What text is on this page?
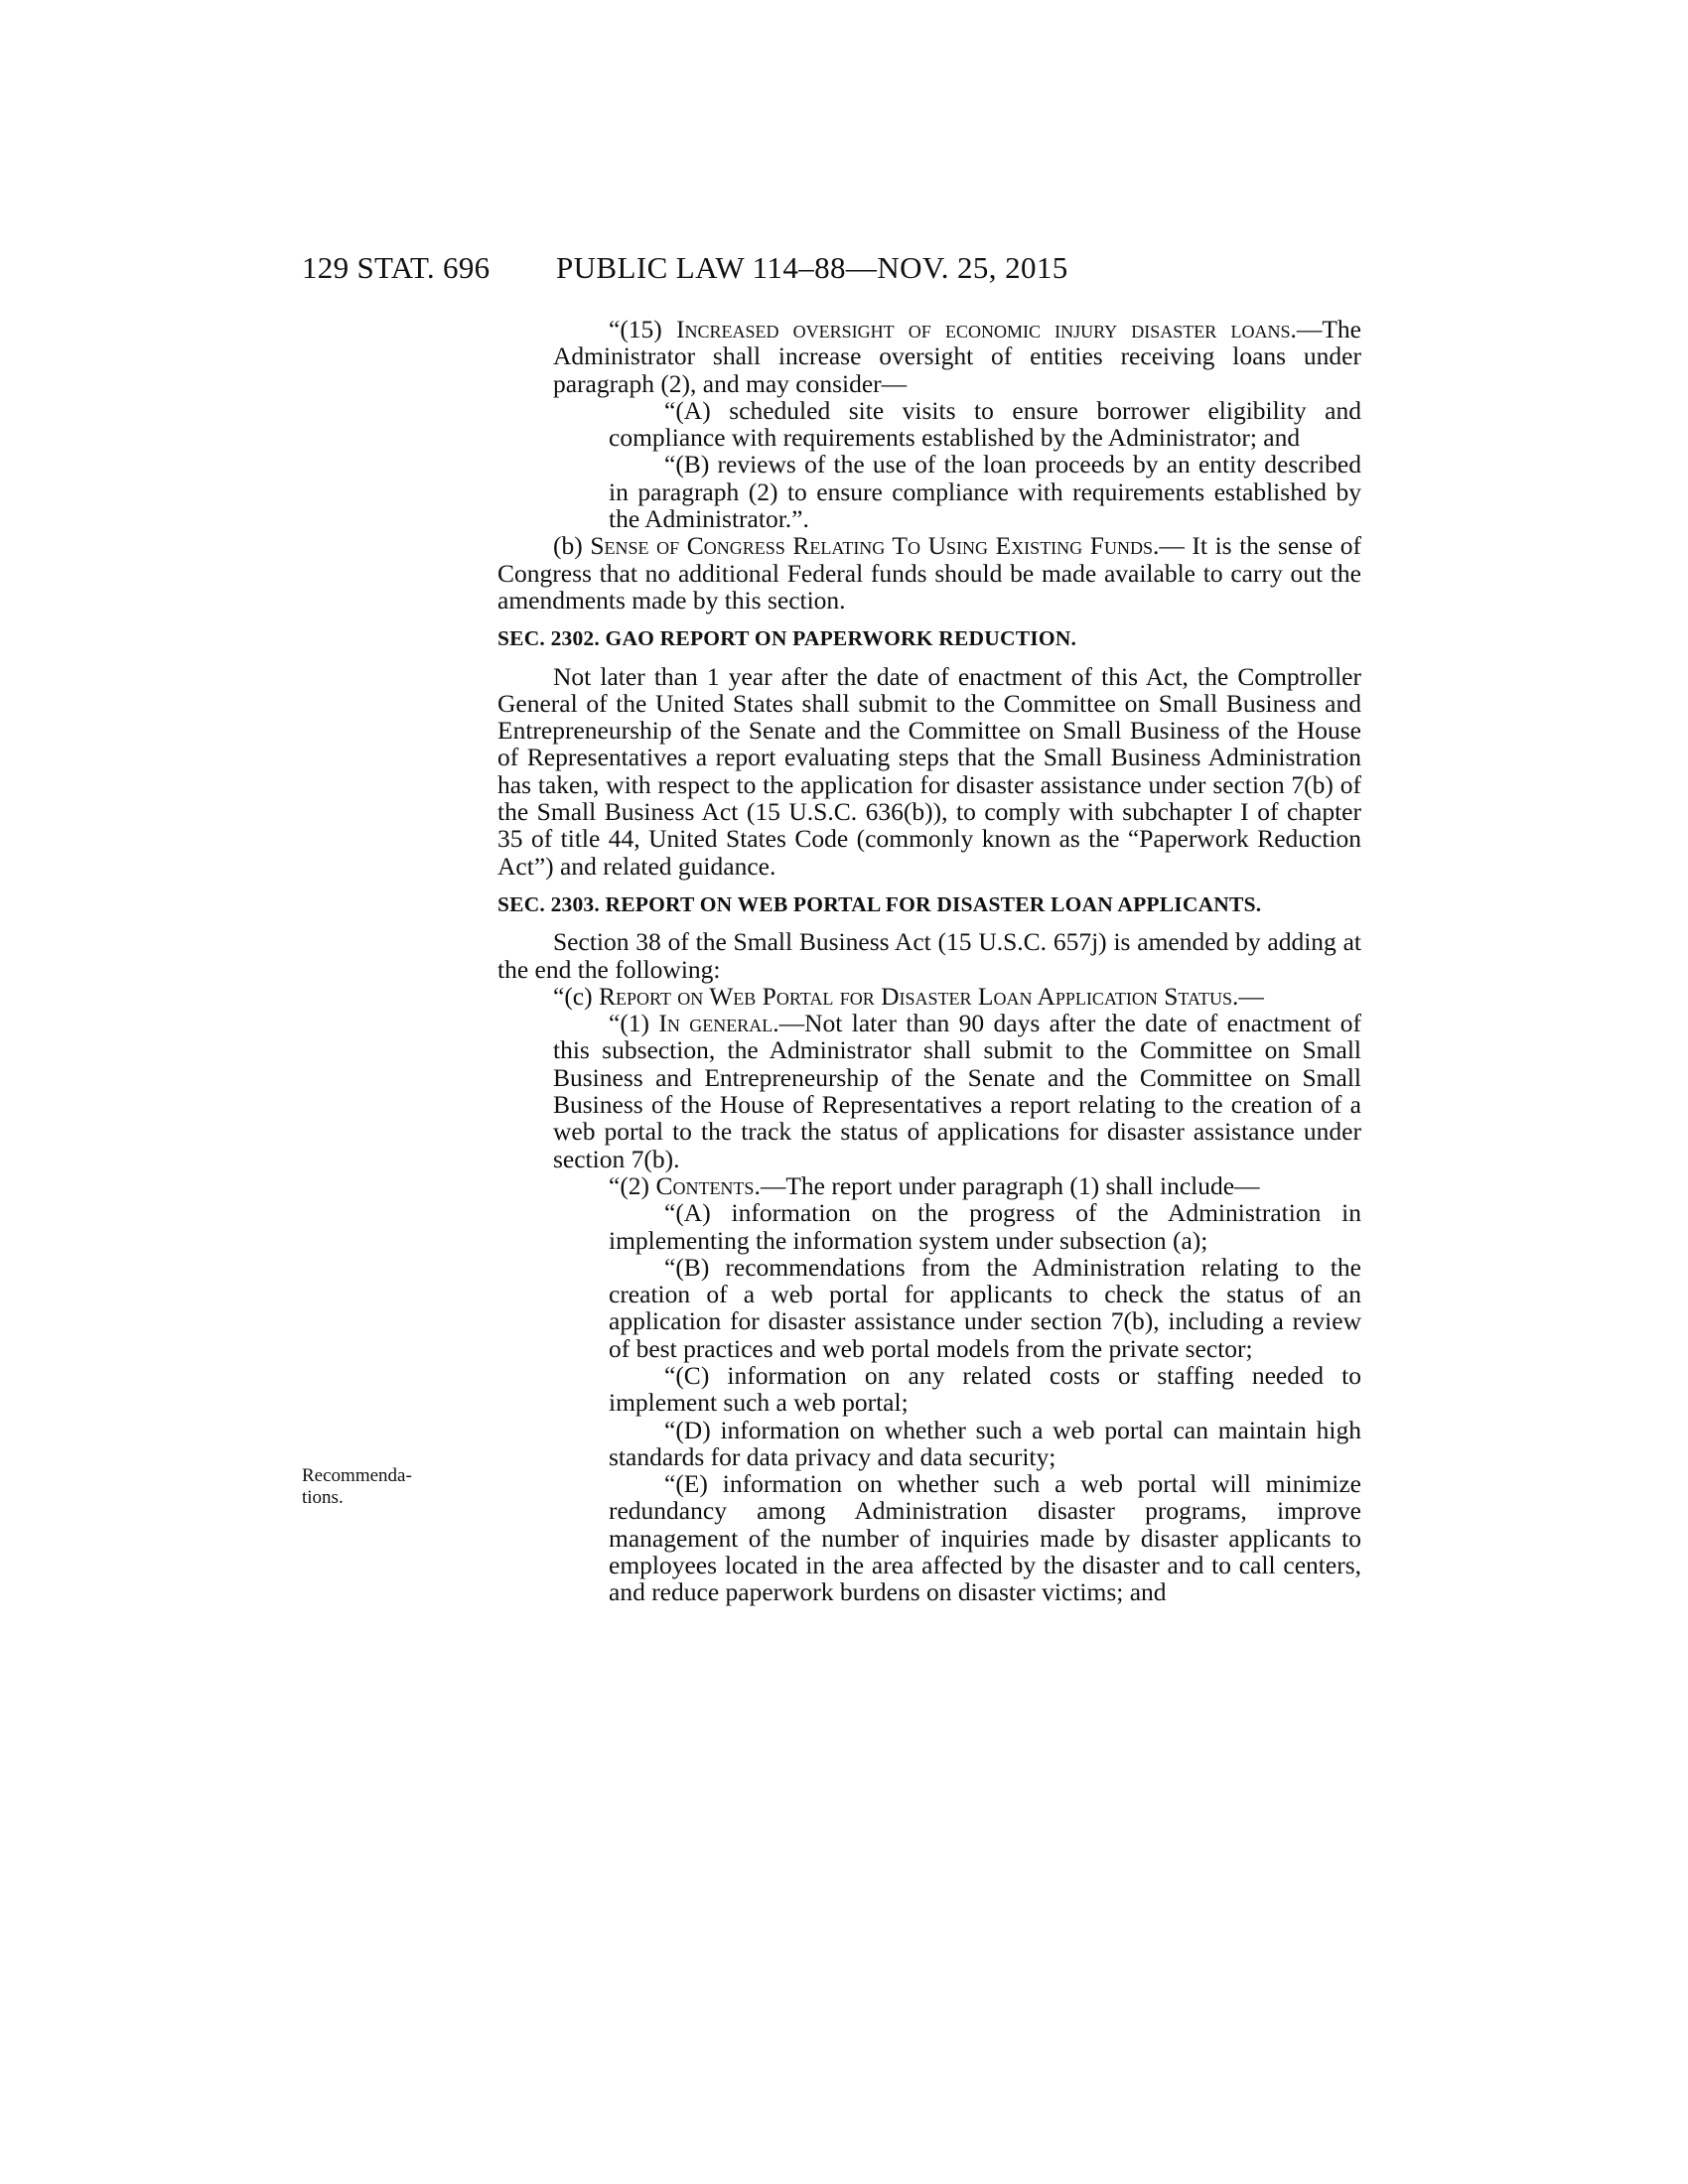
129 STAT. 696 PUBLIC LAW 114–88—NOV. 25, 2015
Recommenda-
tions.

“(15) Increased oversight of economic injury disaster loans.—The Administrator shall increase oversight of entities receiving loans under paragraph (2), and may consider—

“(A) scheduled site visits to ensure borrower eligibility and compliance with requirements established by the Administrator; and

“(B) reviews of the use of the loan proceeds by an entity described in paragraph (2) to ensure compliance with requirements established by the Administrator.”.

(b) Sense of Congress Relating To Using Existing Funds.— It is the sense of Congress that no additional Federal funds should be made available to carry out the amendments made by this section.

SEC. 2302. GAO REPORT ON PAPERWORK REDUCTION.

Not later than 1 year after the date of enactment of this Act, the Comptroller General of the United States shall submit to the Committee on Small Business and Entrepreneurship of the Senate and the Committee on Small Business of the House of Representatives a report evaluating steps that the Small Business Administration has taken, with respect to the application for disaster assistance under section 7(b) of the Small Business Act (15 U.S.C. 636(b)), to comply with subchapter I of chapter 35 of title 44, United States Code (commonly known as the “Paperwork Reduction Act”) and related guidance.

SEC. 2303. REPORT ON WEB PORTAL FOR DISASTER LOAN APPLICANTS.

Section 38 of the Small Business Act (15 U.S.C. 657j) is amended by adding at the end the following:

“(c) Report on Web Portal for Disaster Loan Application Status.—

“(1) In general.—Not later than 90 days after the date of enactment of this subsection, the Administrator shall submit to the Committee on Small Business and Entrepreneurship of the Senate and the Committee on Small Business of the House of Representatives a report relating to the creation of a web portal to the track the status of applications for disaster assistance under section 7(b).

“(2) Contents.—The report under paragraph (1) shall include—

“(A) information on the progress of the Administration in implementing the information system under subsection (a);

“(B) recommendations from the Administration relating to the creation of a web portal for applicants to check the status of an application for disaster assistance under section 7(b), including a review of best practices and web portal models from the private sector;

“(C) information on any related costs or staffing needed to implement such a web portal;

“(D) information on whether such a web portal can maintain high standards for data privacy and data security;

“(E) information on whether such a web portal will minimize redundancy among Administration disaster programs, improve management of the number of inquiries made by disaster applicants to employees located in the area affected by the disaster and to call centers, and reduce paperwork burdens on disaster victims; and
